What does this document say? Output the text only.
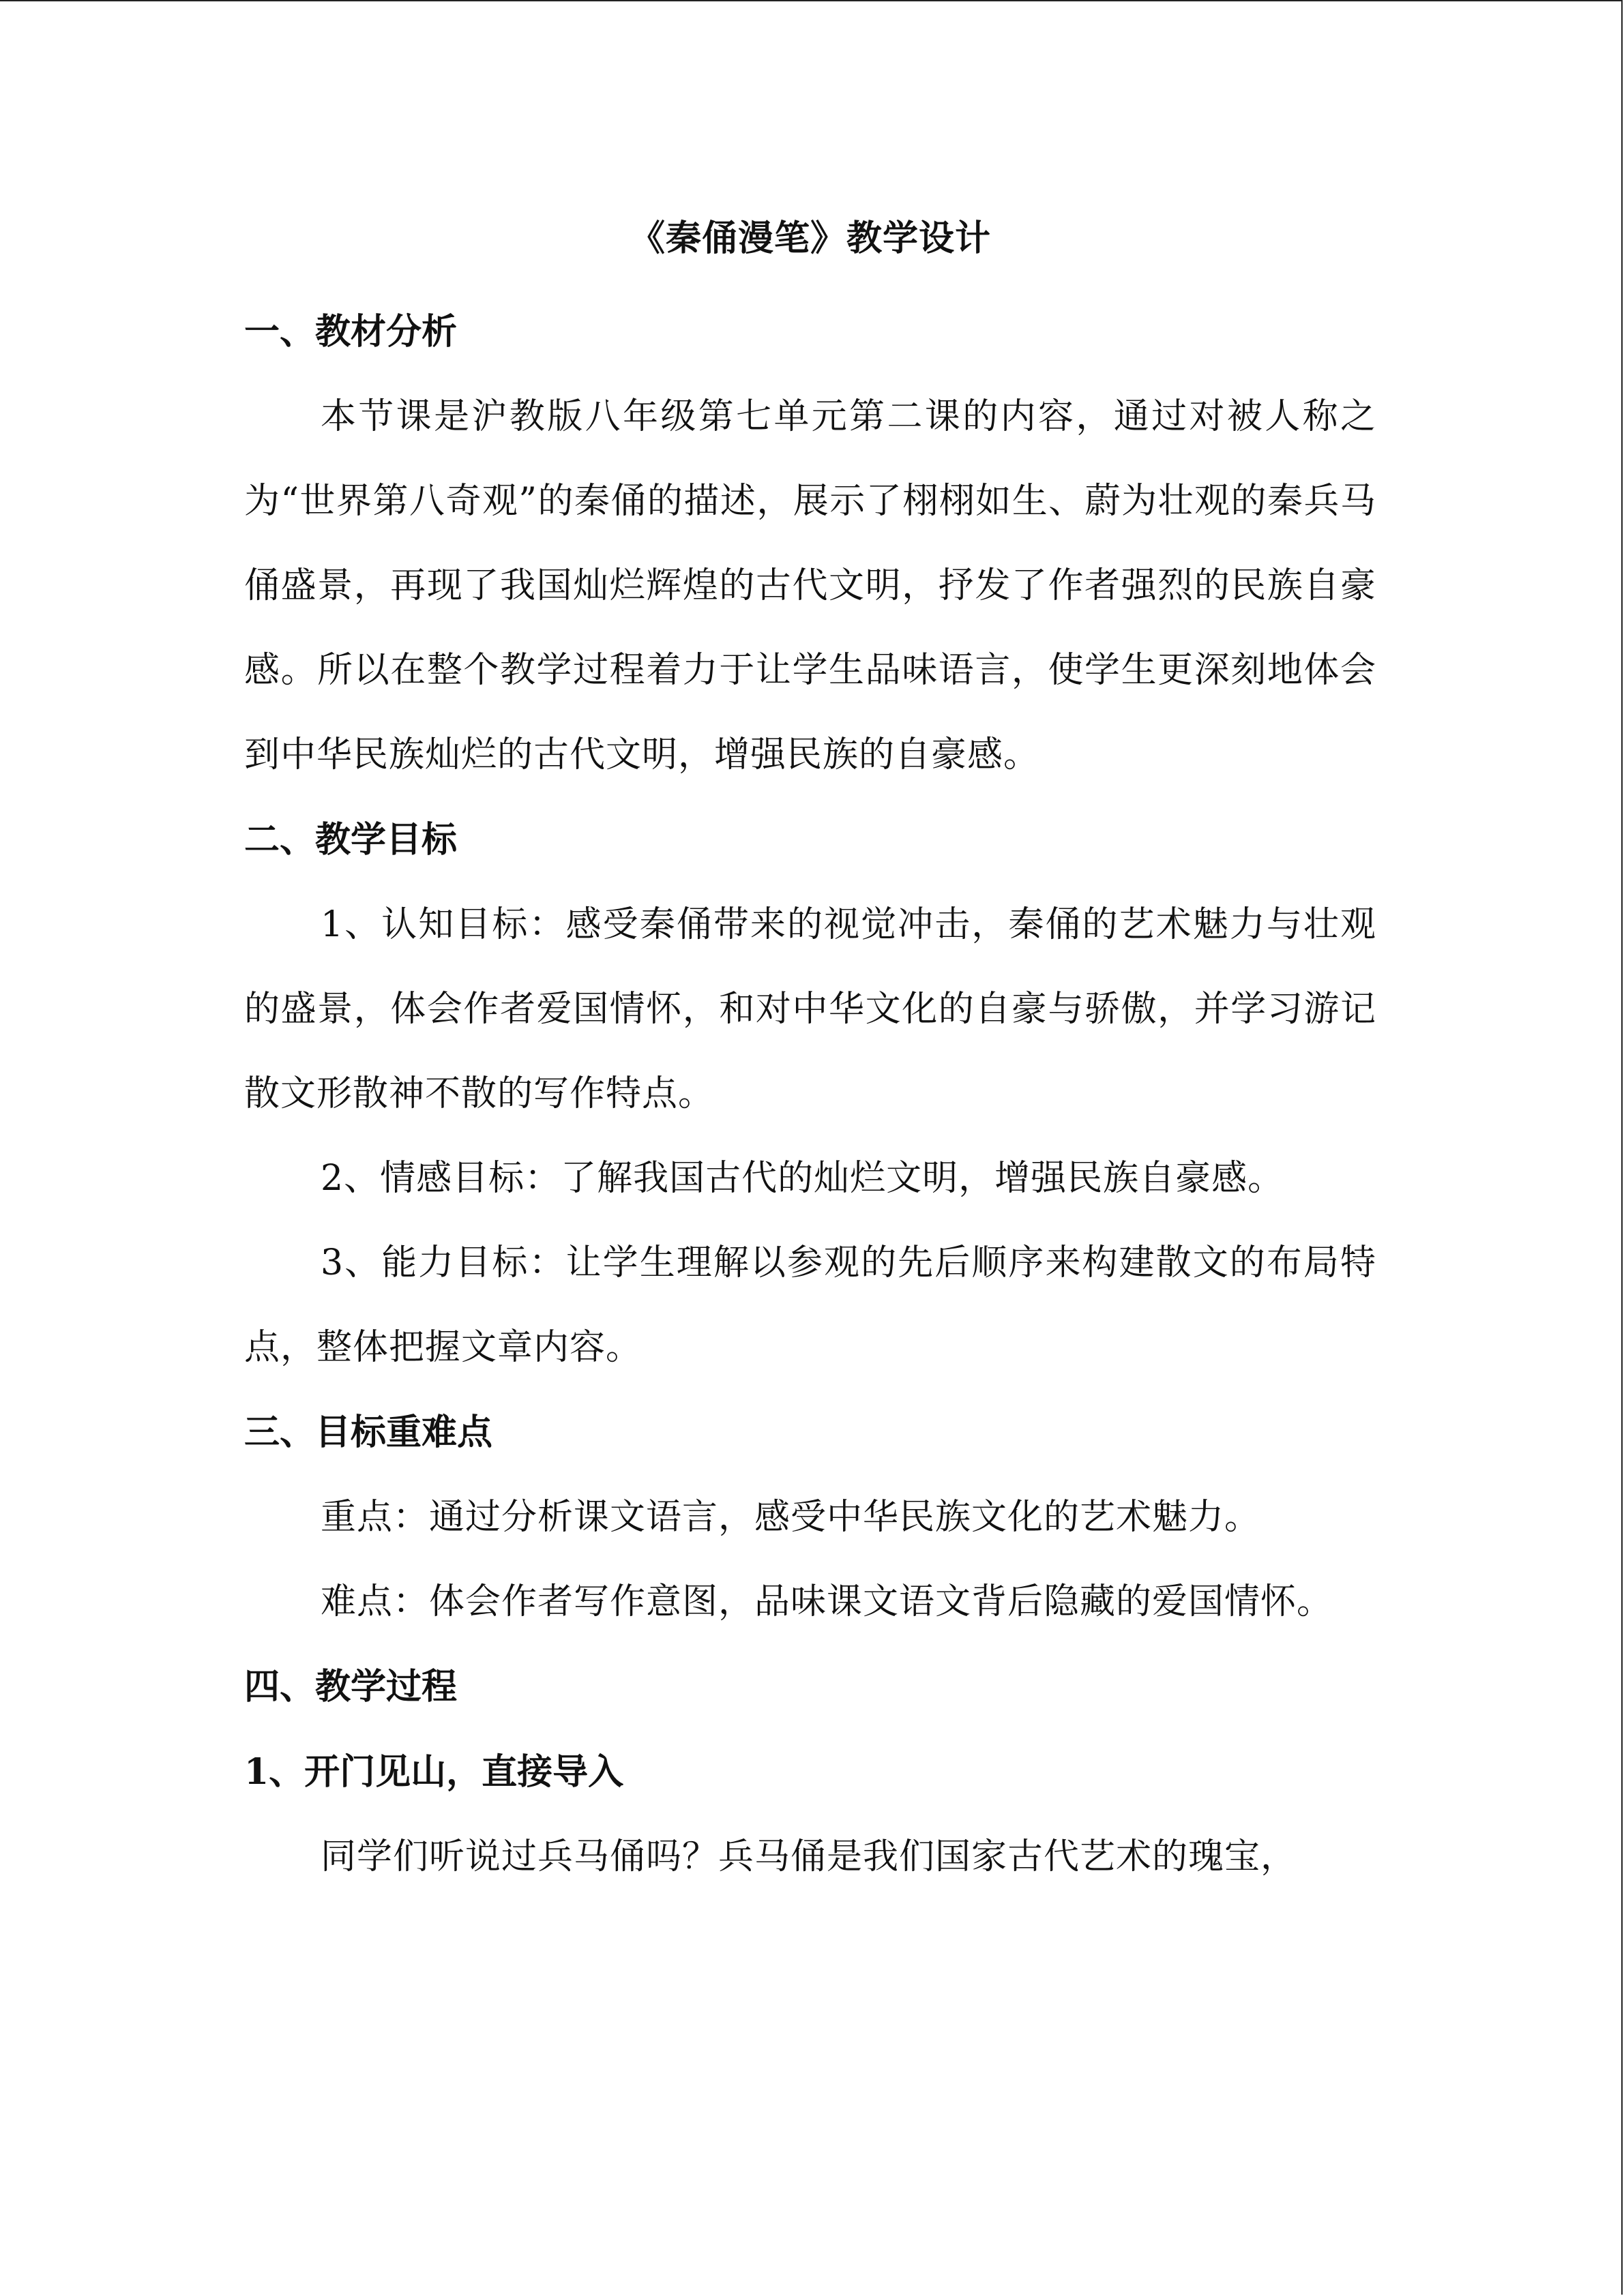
《秦俑漫笔》教学设计
一、教材分析

本节课是沪教版八年级第七单元第二课的内容，通过对被人称之为“世界第八奇观”的秦俑的描述，展示了栩栩如生、蔚为壮观的秦兵马俑盛景，再现了我国灿烂辉煌的古代文明，抒发了作者强烈的民族自豪感。所以在整个教学过程着力于让学生品味语言，使学生更深刻地体会到中华民族灿烂的古代文明，增强民族的自豪感。

二、教学目标

1、认知目标：感受秦俑带来的视觉冲击，秦俑的艺术魅力与壮观的盛景，体会作者爱国情怀，和对中华文化的自豪与骄傲，并学习游记散文形散神不散的写作特点。

2、情感目标：了解我国古代的灿烂文明，增强民族自豪感。

3、能力目标：让学生理解以参观的先后顺序来构建散文的布局特点，整体把握文章内容。

三、目标重难点

重点：通过分析课文语言，感受中华民族文化的艺术魅力。

难点：体会作者写作意图，品味课文语文背后隐藏的爱国情怀。

四、教学过程
1、开门见山，直接导入

同学们听说过兵马俑吗？兵马俑是我们国家古代艺术的瑰宝，
